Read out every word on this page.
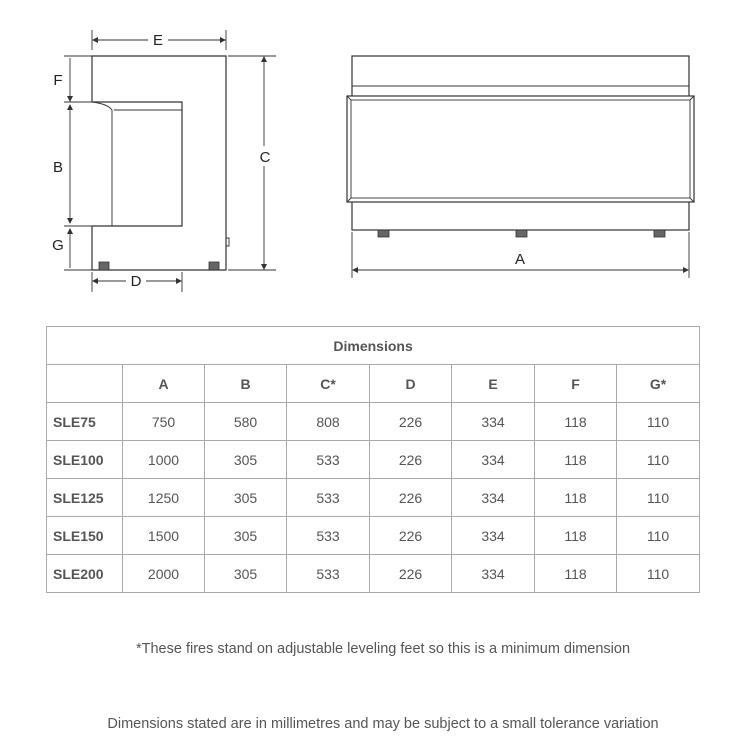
E
F
B
G
C
D
A
Dimensions							
	A	B	C*	D	E	F	G*
SLE75	750	580	808	226	334	118	110
SLE100	1000	305	533	226	334	118	110
SLE125	1250	305	533	226	334	118	110
SLE150	1500	305	533	226	334	118	110
SLE200	2000	305	533	226	334	118	110
*These fires stand on adjustable leveling feet so this is a minimum dimension
Dimensions stated are in millimetres and may be subject to a small tolerance variation
